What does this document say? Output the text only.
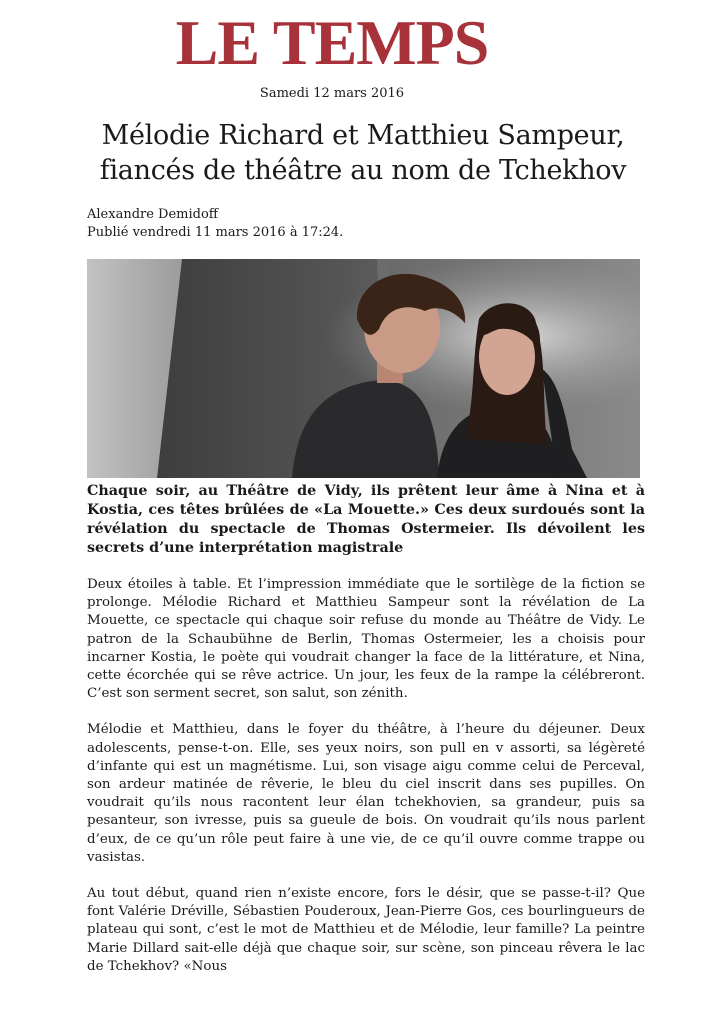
LE TEMPS
Samedi 12 mars 2016
Mélodie Richard et Matthieu Sampeur,
fiancés de théâtre au nom de Tchekhov
Alexandre Demidoff
Publié vendredi 11 mars 2016 à 17:24.

Chaque soir, au Théâtre de Vidy, ils prêtent leur âme à Nina et à Kostia, ces têtes brûlées de «La Mouette.» Ces deux surdoués sont la révélation du spectacle de Thomas Ostermeier. Ils dévoilent les secrets d’une interprétation magistrale

Deux étoiles à table. Et l’impression immédiate que le sortilège de la fiction se prolonge. Mélodie Richard et Matthieu Sampeur sont la révélation de La Mouette, ce spectacle qui chaque soir refuse du monde au Théâtre de Vidy. Le patron de la Schaubühne de Berlin, Thomas Ostermeier, les a choisis pour incarner Kostia, le poète qui voudrait changer la face de la littérature, et Nina, cette écorchée qui se rêve actrice. Un jour, les feux de la rampe la célébreront. C’est son serment secret, son salut, son zénith.

Mélodie et Matthieu, dans le foyer du théâtre, à l’heure du déjeuner. Deux adolescents, pense-t-on. Elle, ses yeux noirs, son pull en v assorti, sa légèreté d’infante qui est un magnétisme. Lui, son visage aigu comme celui de Perceval, son ardeur matinée de rêverie, le bleu du ciel inscrit dans ses pupilles. On voudrait qu’ils nous racontent leur élan tchekhovien, sa grandeur, puis sa pesanteur, son ivresse, puis sa gueule de bois. On voudrait qu’ils nous parlent d’eux, de ce qu’un rôle peut faire à une vie, de ce qu’il ouvre comme trappe ou vasistas.

Au tout début, quand rien n’existe encore, fors le désir, que se passe-t-il? Que font Valérie Dréville, Sébastien Pouderoux, Jean-Pierre Gos, ces bourlingueurs de plateau qui sont, c’est le mot de Matthieu et de Mélodie, leur famille? La peintre Marie Dillard sait-elle déjà que chaque soir, sur scène, son pinceau rêvera le lac de Tchekhov? «Nous
